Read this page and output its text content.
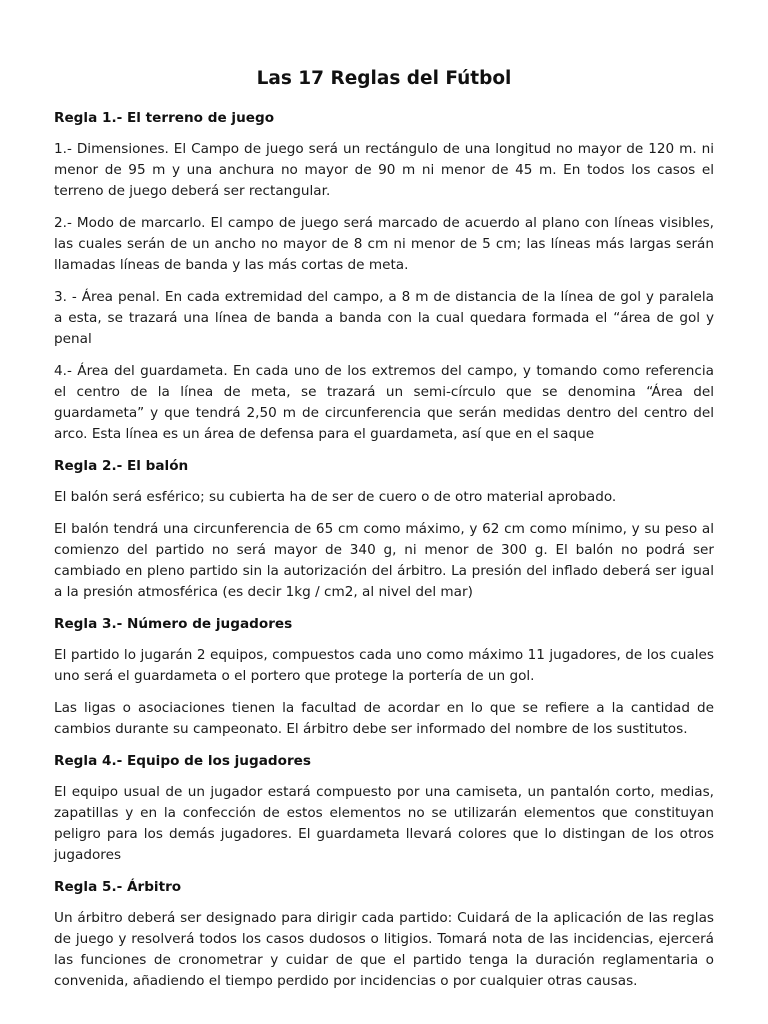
Las 17 Reglas del Fútbol
Regla 1.- El terreno de juego

1.- Dimensiones. El Campo de juego será un rectángulo de una longitud no mayor de 120 m. ni menor de 95 m y una anchura no mayor de 90 m ni menor de 45 m. En todos los casos el terreno de juego deberá ser rectangular.

2.- Modo de marcarlo. El campo de juego será marcado de acuerdo al plano con líneas visibles, las cuales serán de un ancho no mayor de 8 cm ni menor de 5 cm; las líneas más largas serán llamadas líneas de banda y las más cortas de meta.

3. - Área penal. En cada extremidad del campo, a 8 m de distancia de la línea de gol y paralela a esta, se trazará una línea de banda a banda con la cual quedara formada el “área de gol y penal

4.- Área del guardameta. En cada uno de los extremos del campo, y tomando como referencia el centro de la línea de meta, se trazará un semi-círculo que se denomina “Área del guardameta” y que tendrá 2,50 m de circunferencia que serán medidas dentro del centro del arco. Esta línea es un área de defensa para el guardameta, así que en el saque

Regla 2.- El balón

El balón será esférico; su cubierta ha de ser de cuero o de otro material aprobado.

El balón tendrá una circunferencia de 65 cm como máximo, y 62 cm como mínimo, y su peso al comienzo del partido no será mayor de 340 g, ni menor de 300 g. El balón no podrá ser cambiado en pleno partido sin la autorización del árbitro. La presión del inflado deberá ser igual a la presión atmosférica (es decir 1kg / cm2, al nivel del mar)

Regla 3.- Número de jugadores

El partido lo jugarán 2 equipos, compuestos cada uno como máximo 11 jugadores, de los cuales uno será el guardameta o el portero que protege la portería de un gol.

Las ligas o asociaciones tienen la facultad de acordar en lo que se refiere a la cantidad de cambios durante su campeonato. El árbitro debe ser informado del nombre de los sustitutos.

Regla 4.- Equipo de los jugadores

El equipo usual de un jugador estará compuesto por una camiseta, un pantalón corto, medias, zapatillas y en la confección de estos elementos no se utilizarán elementos que constituyan peligro para los demás jugadores. El guardameta llevará colores que lo distingan de los otros jugadores

Regla 5.- Árbitro

Un árbitro deberá ser designado para dirigir cada partido: Cuidará de la aplicación de las reglas de juego y resolverá todos los casos dudosos o litigios. Tomará nota de las incidencias, ejercerá las funciones de cronometrar y cuidar de que el partido tenga la duración reglamentaria o convenida, añadiendo el tiempo perdido por incidencias o por cualquier otras causas.
